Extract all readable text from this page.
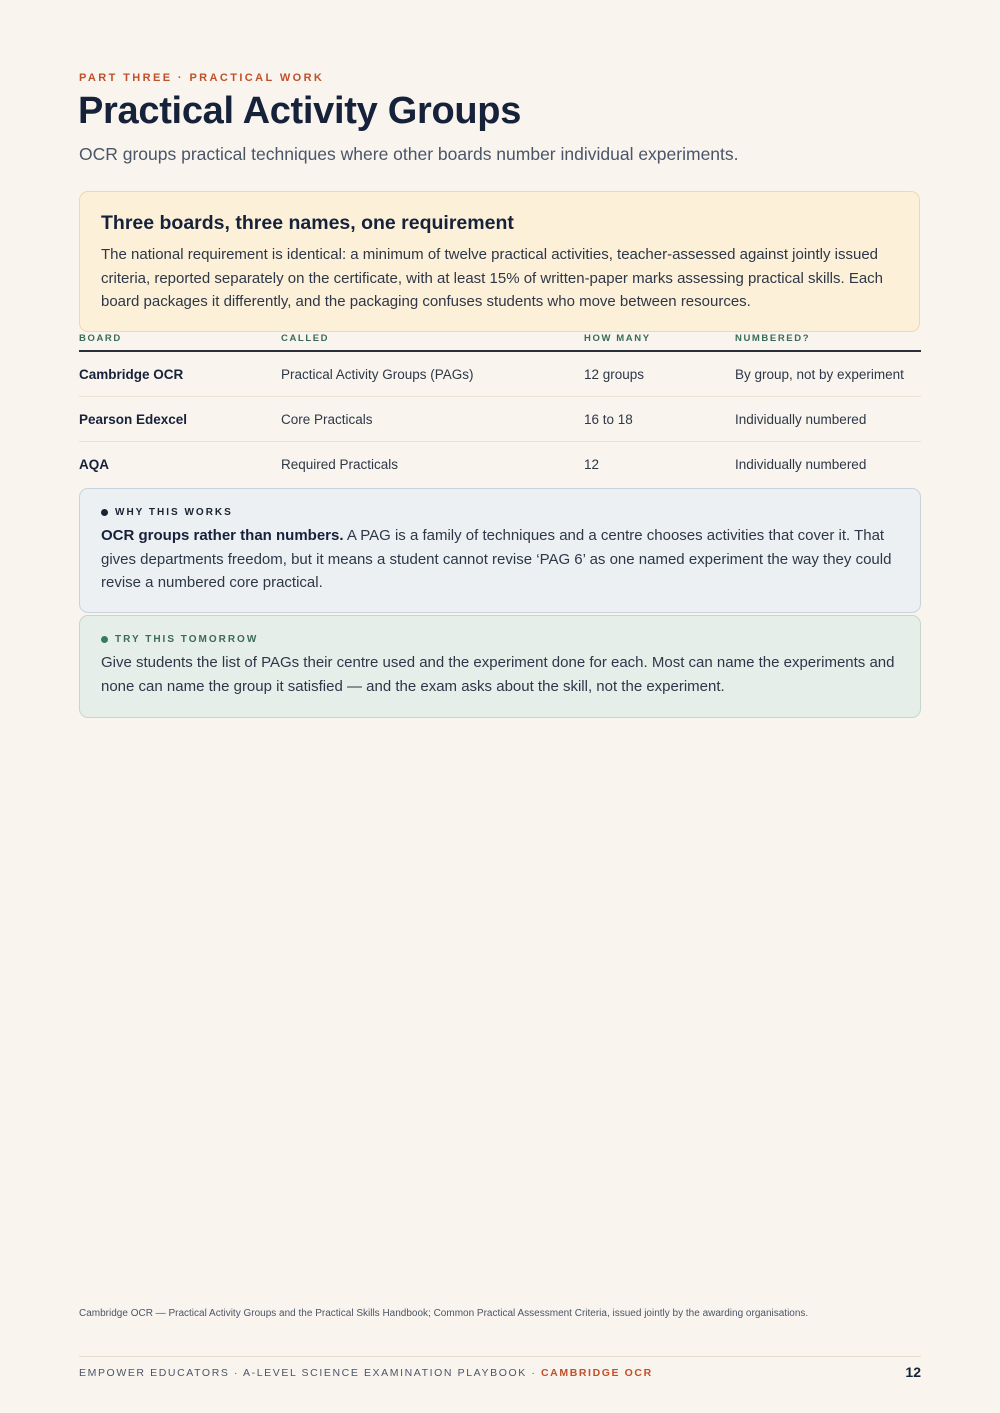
PART THREE · PRACTICAL WORK
Practical Activity Groups

OCR groups practical techniques where other boards number individual experiments.

Three boards, three names, one requirement

The national requirement is identical: a minimum of twelve practical activities, teacher-assessed against jointly issued criteria, reported separately on the certificate, with at least 15% of written-paper marks assessing practical skills. Each board packages it differently, and the packaging confuses students who move between resources.

BOARD	CALLED	HOW MANY	NUMBERED?
Cambridge OCR	Practical Activity Groups (PAGs)	12 groups	By group, not by experiment
Pearson Edexcel	Core Practicals	16 to 18	Individually numbered
AQA	Required Practicals	12	Individually numbered
WHY THIS WORKS

OCR groups rather than numbers. A PAG is a family of techniques and a centre chooses activities that cover it. That gives departments freedom, but it means a student cannot revise ‘PAG 6’ as one named experiment the way they could revise a numbered core practical.

TRY THIS TOMORROW

Give students the list of PAGs their centre used and the experiment done for each. Most can name the experiments and none can name the group it satisfied — and the exam asks about the skill, not the experiment.

Cambridge OCR — Practical Activity Groups and the Practical Skills Handbook; Common Practical Assessment Criteria, issued jointly by the awarding organisations.
EMPOWER EDUCATORS · A-LEVEL SCIENCE EXAMINATION PLAYBOOK · CAMBRIDGE OCR	12
